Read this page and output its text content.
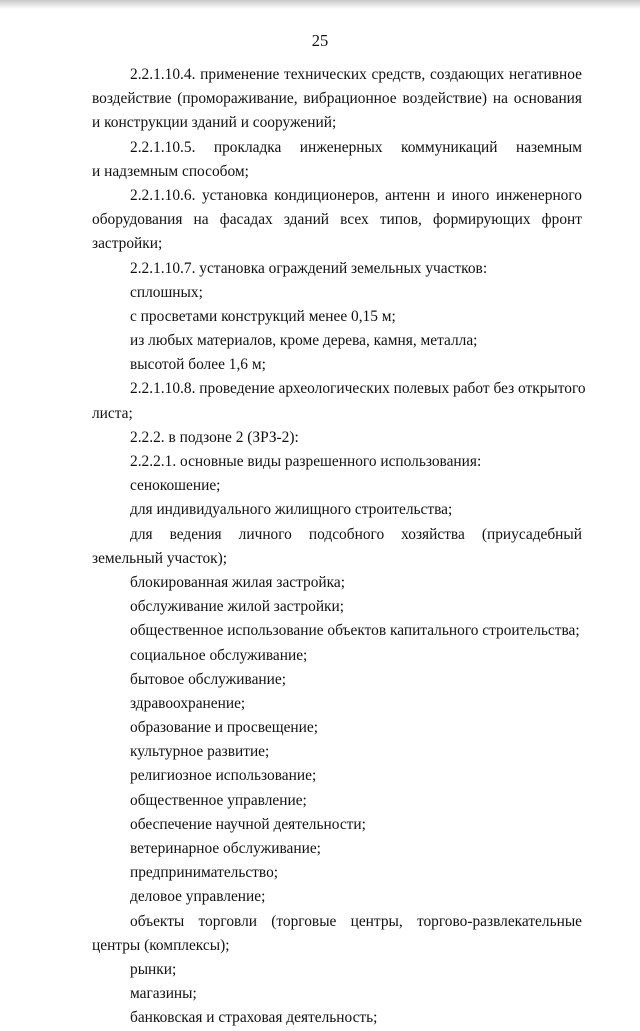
25
2.2.1.10.4. применение технических средств, создающих негативное
воздействие (промораживание, вибрационное воздействие) на основания
и конструкции зданий и сооружений;
2.2.1.10.5. прокладка инженерных коммуникаций наземным
и надземным способом;
2.2.1.10.6. установка кондиционеров, антенн и иного инженерного
оборудования на фасадах зданий всех типов, формирующих фронт
застройки;
2.2.1.10.7. установка ограждений земельных участков:
сплошных;
с просветами конструкций менее 0,15 м;
из любых материалов, кроме дерева, камня, металла;
высотой более 1,6 м;
2.2.1.10.8. проведение археологических полевых работ без открытого
листа;
2.2.2. в подзоне 2 (ЗРЗ-2):
2.2.2.1. основные виды разрешенного использования:
сенокошение;
для индивидуального жилищного строительства;
для ведения личного подсобного хозяйства (приусадебный
земельный участок);
блокированная жилая застройка;
обслуживание жилой застройки;
общественное использование объектов капитального строительства;
социальное обслуживание;
бытовое обслуживание;
здравоохранение;
образование и просвещение;
культурное развитие;
религиозное использование;
общественное управление;
обеспечение научной деятельности;
ветеринарное обслуживание;
предпринимательство;
деловое управление;
объекты торговли (торговые центры, торгово-развлекательные
центры (комплексы);
рынки;
магазины;
банковская и страховая деятельность;
